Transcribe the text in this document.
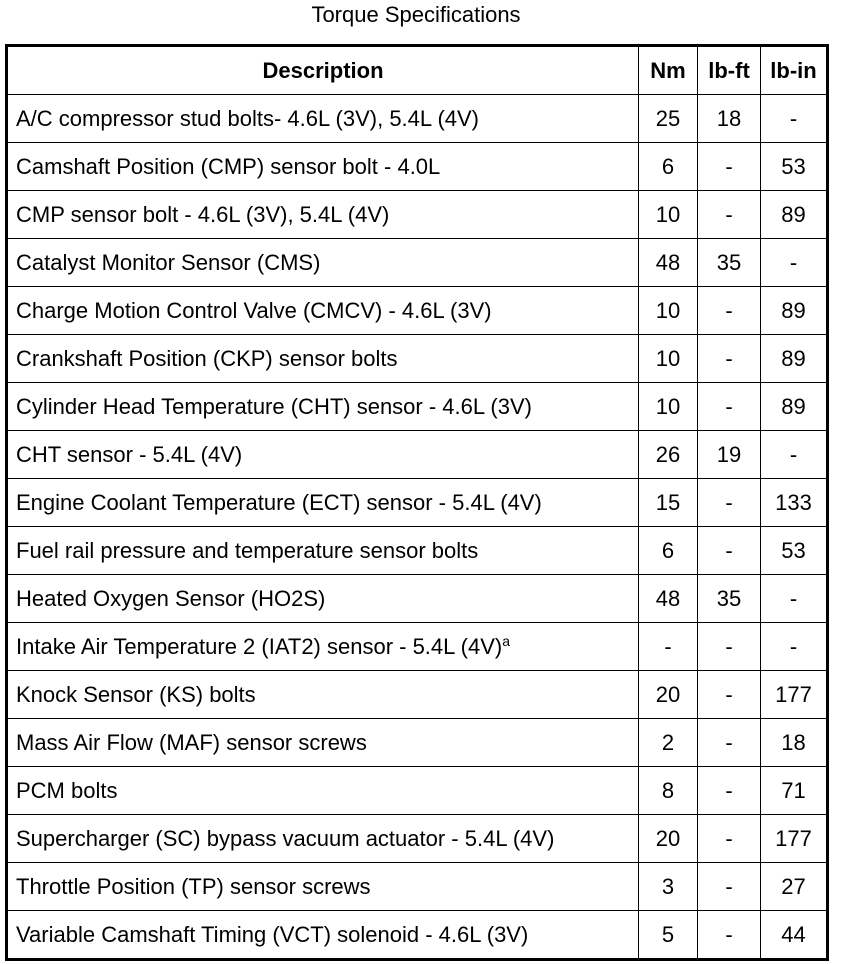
Torque Specifications
Description	Nm	lb-ft	lb-in
A/C compressor stud bolts- 4.6L (3V), 5.4L (4V)	25	18	-
Camshaft Position (CMP) sensor bolt - 4.0L	6	-	53
CMP sensor bolt - 4.6L (3V), 5.4L (4V)	10	-	89
Catalyst Monitor Sensor (CMS)	48	35	-
Charge Motion Control Valve (CMCV) - 4.6L (3V)	10	-	89
Crankshaft Position (CKP) sensor bolts	10	-	89
Cylinder Head Temperature (CHT) sensor - 4.6L (3V)	10	-	89
CHT sensor - 5.4L (4V)	26	19	-
Engine Coolant Temperature (ECT) sensor - 5.4L (4V)	15	-	133
Fuel rail pressure and temperature sensor bolts	6	-	53
Heated Oxygen Sensor (HO2S)	48	35	-
Intake Air Temperature 2 (IAT2) sensor - 5.4L $(4V)^a$	-	-	-
Knock Sensor (KS) bolts	20	-	177
Mass Air Flow (MAF) sensor screws	2	-	18
PCM bolts	8	-	71
Supercharger (SC) bypass vacuum actuator - 5.4L (4V)	20	-	177
Throttle Position (TP) sensor screws	3	-	27
Variable Camshaft Timing (VCT) solenoid - 4.6L (3V)	5	-	44
